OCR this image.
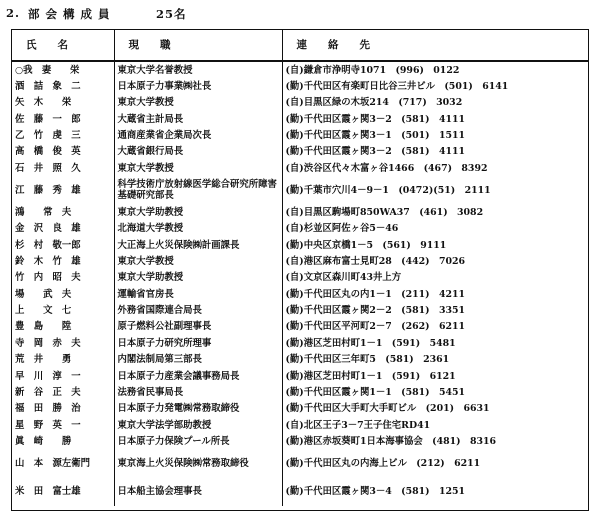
2. 部 会 構 成 員	25名
氏　　名	現　　職	連　　絡　　先

○我　妻　　栄	東京大学名誉教授	(自)鎌倉市浄明寺1071　(996)　0122
酒　詰　象　二	日本原子力事業㈱社長	(勤)千代田区有楽町日比谷三井ビル　(501)　6141
矢　木　　栄	東京大学教授	(自)目黒区緑の木坂214　(717)　3032
佐　藤　一　郎	大蔵省主計局長	(勤)千代田区霞ヶ関3－2　(581)　4111
乙　竹　虔　三	通商産業省企業局次長	(勤)千代田区霞ヶ関3－1　(501)　1511
高　橋　俊　英	大蔵省銀行局長	(勤)千代田区霞ヶ関3－2　(581)　4111
石　井　照　久	東京大学教授	(自)渋谷区代々木富ヶ谷1466　(467)　8392
江　藤　秀　雄	科学技術庁放射線医学総合研究所障害基礎研究部長	(勤)千葉市穴川4－9－1　(0472)(51)　2111
鴻　　常　夫	東京大学助教授	(自)目黒区駒場町850WA37　(461)　3082
金　沢　良　雄	北海道大学教授	(自)杉並区阿佐ヶ谷5－46
杉　村　敬一郎	大正海上火災保険㈱計画課長	(勤)中央区京橋1－5　(561)　9111
鈴　木　竹　雄	東京大学教授	(自)港区麻布富士見町28　(442)　7026
竹　内　昭　夫	東京大学助教授	(自)文京区森川町43井上方
場　　武　夫	運輸省官房長	(勤)千代田区丸の内1－1　(211)　4211
上　　文　七	外務省国際連合局長	(勤)千代田区霞ヶ関2－2　(581)　3351
豊　島　　陞	原子燃料公社副理事長	(勤)千代田区平河町2－7　(262)　6211
寺　岡　赤　夫	日本原子力研究所理事	(勤)港区芝田村町1－1　(591)　5481
荒　井　　勇	内閣法制局第三部長	(勤)千代田区三年町5　(581)　2361
早　川　淳　一	日本原子力産業会議事務局長	(勤)港区芝田村町1－1　(591)　6121
新　谷　正　夫	法務省民事局長	(勤)千代田区霞ヶ関1－1　(581)　5451
福　田　勝　治	日本原子力発電㈱常務取締役	(勤)千代田区大手町大手町ビル　(201)　6631
星　野　英　一	東京大学法学部助教授	(自)北区王子3－7王子住宅RD41
眞　崎　　勝	日本原子力保険プール所長	(勤)港区赤坂葵町1日本海事協会　(481)　8316
山　本　源左衛門	東京海上火災保険㈱常務取締役	(勤)千代田区丸の内海上ビル　(212)　6211
米　田　富士雄	日本船主協会理事長	(勤)千代田区霞ヶ関3－4　(581)　1251
